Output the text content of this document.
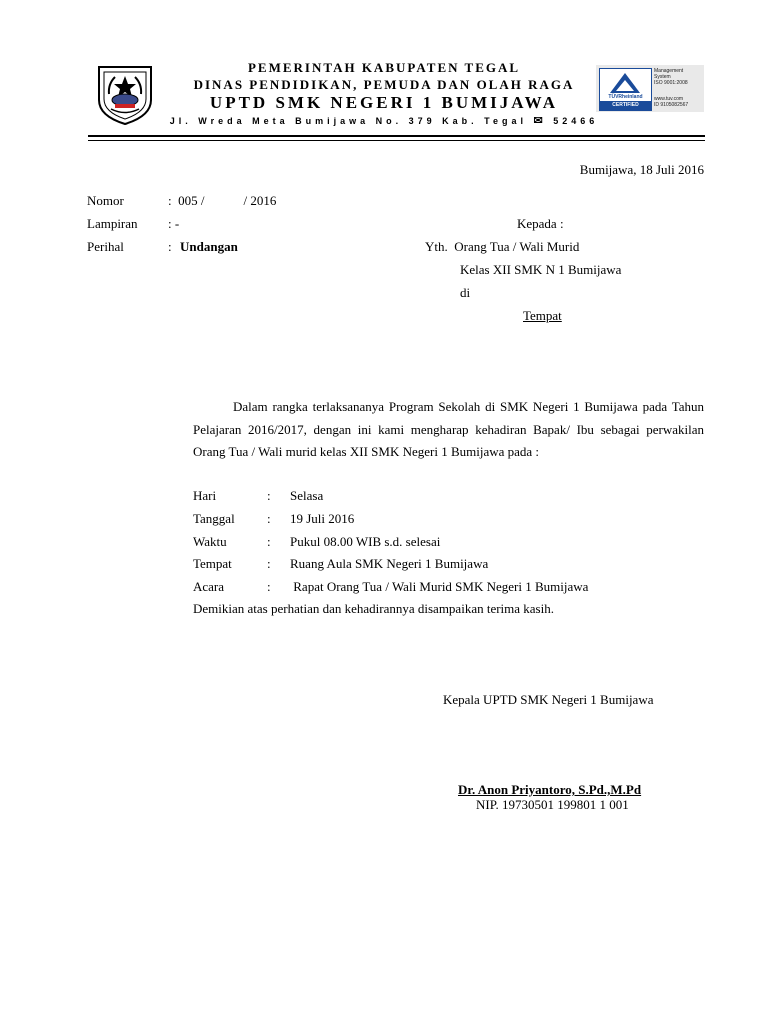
PEMERINTAH KABUPATEN TEGAL
DINAS PENDIDIKAN, PEMUDA DAN OLAH RAGA
UPTD SMK NEGERI 1 BUMIJAWA
Jl. Wreda Meta Bumijawa No. 379 Kab. Tegal ✉ 52466
TÜVRheinland
CERTIFIED
Management
System
ISO 9001:2008
www.tuv.com
ID 9105082567
Bumijawa, 18 Juli 2016
Nomor	:  005 /            / 2016
Lampiran : -
Perihal	: Undangan
Kepada :
Yth.  Orang Tua / Wali Murid
Kelas XII SMK N 1 Bumijawa
di
Tempat
Dalam rangka terlaksananya Program Sekolah di SMK Negeri 1 Bumijawa pada Tahun Pelajaran 2016/2017, dengan ini kami mengharap kehadiran Bapak/ Ibu sebagai perwakilan Orang Tua / Wali murid kelas XII SMK Negeri 1 Bumijawa pada :
Hari	: Selasa
Tanggal : 19 Juli 2016
Waktu	: Pukul 08.00 WIB s.d. selesai
Tempat	: Ruang Aula SMK Negeri 1 Bumijawa
Acara	: Rapat Orang Tua / Wali Murid SMK Negeri 1 Bumijawa
Demikian atas perhatian dan kehadirannya disampaikan terima kasih.
Kepala UPTD SMK Negeri 1 Bumijawa
Dr. Anon Priyantoro, S.Pd.,M.Pd
NIP. 19730501 199801 1 001
